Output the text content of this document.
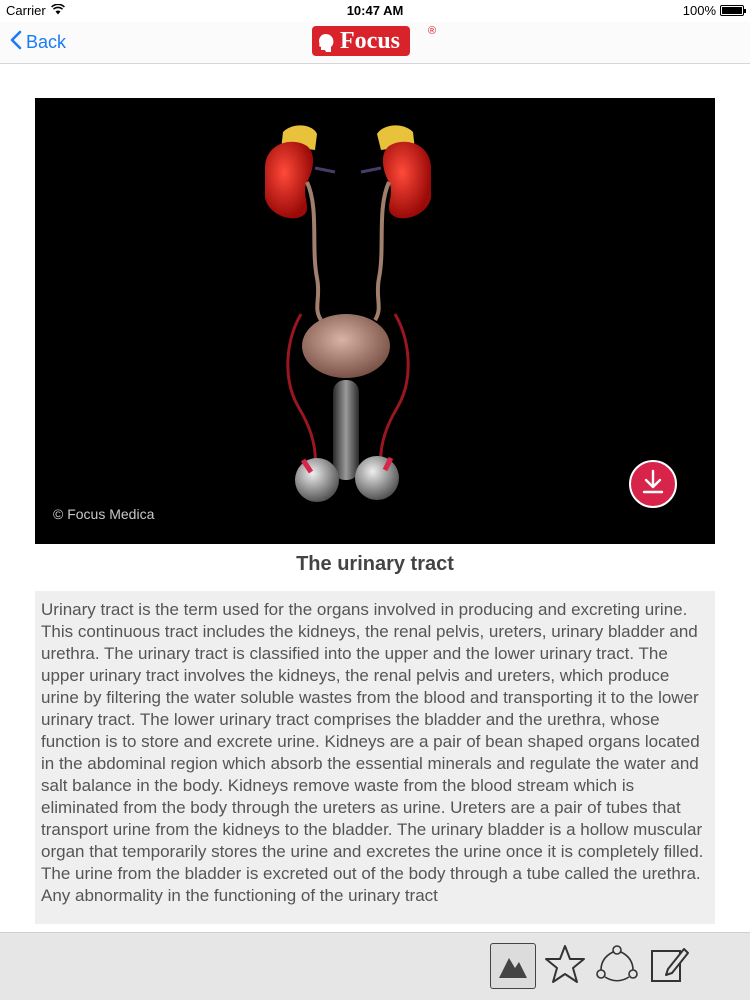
Carrier	10:47 AM	100%
Back	Focus	®
© Focus Medica
The urinary tract

Urinary tract is the term used for the organs involved in producing and excreting urine. This continuous tract includes the kidneys, the renal pelvis, ureters, urinary bladder and urethra. The urinary tract is classified into the upper and the lower urinary tract. The upper urinary tract involves the kidneys, the renal pelvis and ureters, which produce urine by filtering the water soluble wastes from the blood and transporting it to the lower urinary tract. The lower urinary tract comprises the bladder and the urethra, whose function is to store and excrete urine. Kidneys are a pair of bean shaped organs located in the abdominal region which absorb the essential minerals and regulate the water and salt balance in the body. Kidneys remove waste from the blood stream which is eliminated from the body through the ureters as urine. Ureters are a pair of tubes that transport urine from the kidneys to the bladder. The urinary bladder is a hollow muscular organ that temporarily stores the urine and excretes the urine once it is completely filled. The urine from the bladder is excreted out of the body through a tube called the urethra. Any abnormality in the functioning of the urinary tract
